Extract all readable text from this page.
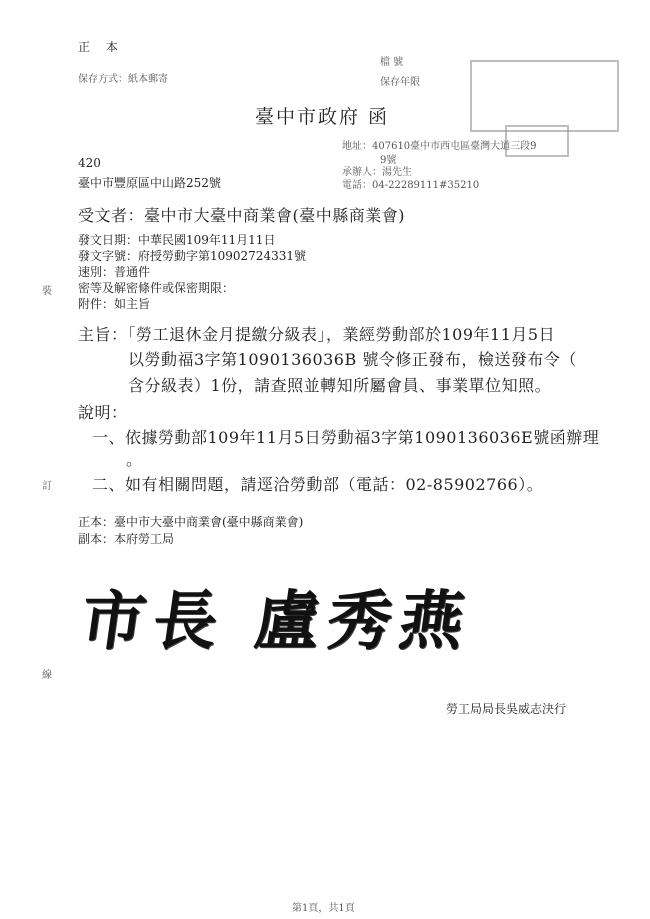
裝
訂
線
正 本
保存方式：紙本郵寄
檔 號
保存年限
臺中市政府 函
地址：407610臺中市西屯區臺灣大道三段9
9號
承辦人：湯先生
電話：04-22289111#35210
420
臺中市豐原區中山路252號
受文者：臺中市大臺中商業會(臺中縣商業會)
發文日期：中華民國109年11月11日
發文字號：府授勞動字第10902724331號
速別：普通件
密等及解密條件或保密期限：
附件：如主旨
主旨：「勞工退休金月提繳分級表」，業經勞動部於109年11月5日
以勞動福3字第1090136036B 號令修正發布，檢送發布令（
含分級表）1份，請查照並轉知所屬會員、事業單位知照。
說明：
一、依據勞動部109年11月5日勞動福3字第1090136036E號函辦理
。
二、如有相關問題，請逕洽勞動部（電話：02-85902766）。
正本：臺中市大臺中商業會(臺中縣商業會)
副本：本府勞工局
市長 盧秀燕
勞工局局長吳威志決行
第1頁，共1頁
